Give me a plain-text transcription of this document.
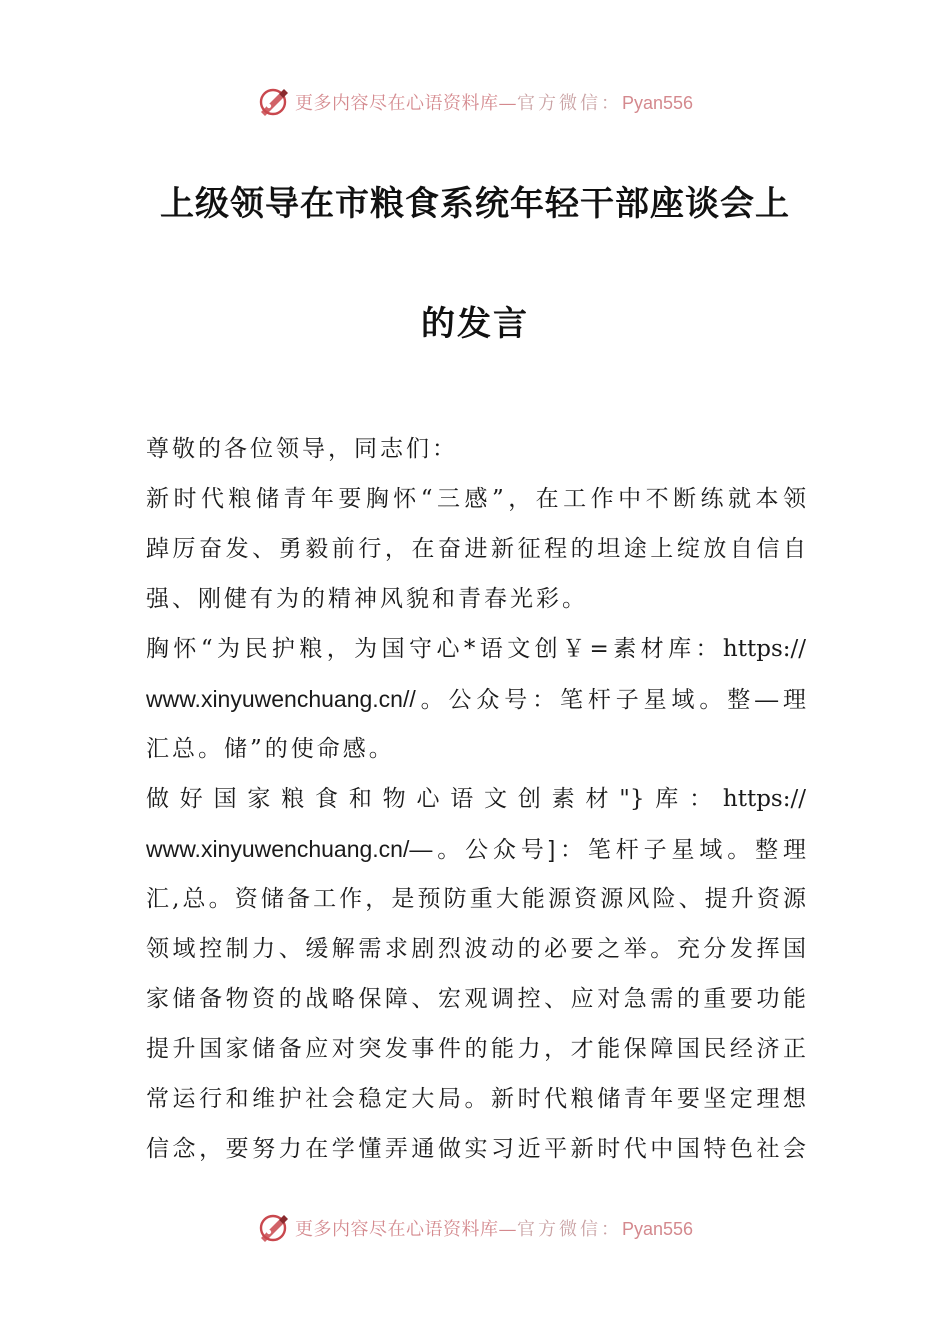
更多内容尽在心语资料库—官方微信：Pyan556
上级领导在市粮食系统年轻干部座谈会上
的发言

尊敬的各位领导，同志们：

新时代粮储青年要胸怀“三感”，在工作中不断练就本领

踔厉奋发、勇毅前行，在奋进新征程的坦途上绽放自信自

强、刚健有为的精神风貌和青春光彩。

胸怀“为民护粮，为国守心*语文创￥=素材库：https://

www.xinyuwenchuang.cn//。公众号：笔杆子星域。整—理

汇总。储”的使命感。

做好国家粮食和物心语文创素材"}库：https://

www.xinyuwenchuang.cn/—。公众号]：笔杆子星域。整理

汇,总。资储备工作，是预防重大能源资源风险、提升资源

领域控制力、缓解需求剧烈波动的必要之举。充分发挥国

家储备物资的战略保障、宏观调控、应对急需的重要功能

提升国家储备应对突发事件的能力，才能保障国民经济正

常运行和维护社会稳定大局。新时代粮储青年要坚定理想

信念，要努力在学懂弄通做实习近平新时代中国特色社会

更多内容尽在心语资料库—官方微信：Pyan556
